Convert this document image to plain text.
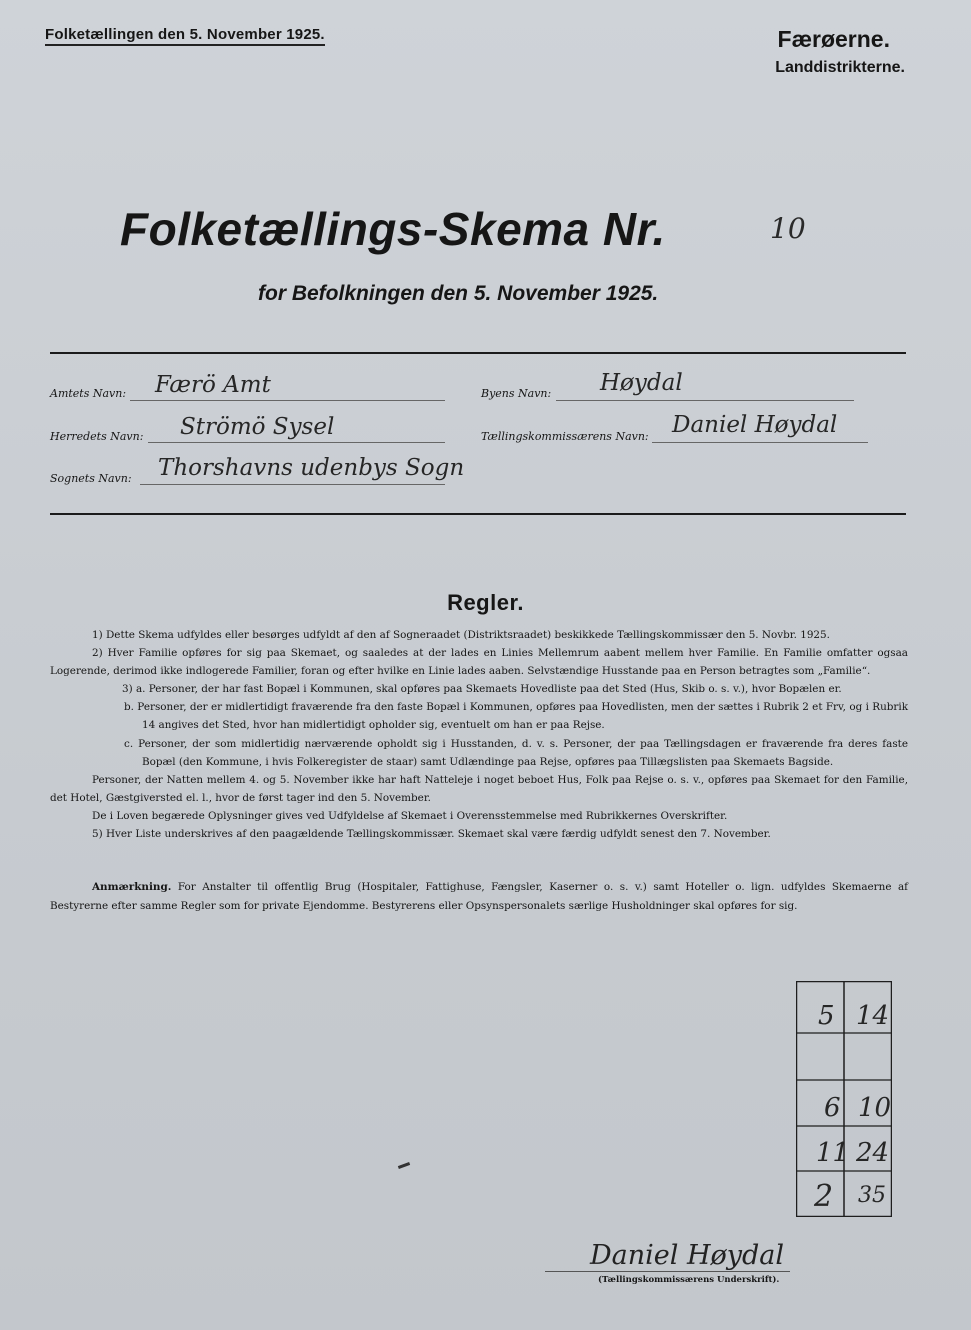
Folketællingen den 5. November 1925.	Færøerne.
Landdistrikterne.
Folketællings-Skema Nr.	10
for Befolkningen den 5. November 1925.
Amtets Navn: Færö Amt
Herredets Navn: Strömö Sysel
Sognets Navn: Thorshavns udenbys Sogn
Byens Navn: Høydal
Tællingskommissærens Navn: Daniel Høydal
Regler.

1) Dette Skema udfyldes eller besørges udfyldt af den af Sogneraadet (Distriktsraadet) beskikkede Tællingskommissær den 5. Novbr. 1925.

2) Hver Familie opføres for sig paa Skemaet, og saaledes at der lades en Linies Mellemrum aabent mellem hver Familie. En Familie omfatter ogsaa Logerende, derimod ikke indlogerede Familier, foran og efter hvilke en Linie lades aaben. Selvstændige Husstande paa en Person betragtes som „Familie“.

3) a. Personer, der har fast Bopæl i Kommunen, skal opføres paa Skemaets Hovedliste paa det Sted (Hus, Skib o. s. v.), hvor Bopælen er.

b. Personer, der er midlertidigt fraværende fra den faste Bopæl i Kommunen, opføres paa Hovedlisten, men der sættes i Rubrik 2 et Frv, og i Rubrik 14 angives det Sted, hvor han midlertidigt opholder sig, eventuelt om han er paa Rejse.

c. Personer, der som midlertidig nærværende opholdt sig i Husstanden, d. v. s. Personer, der paa Tællingsdagen er fraværende fra deres faste Bopæl (den Kommune, i hvis Folkeregister de staar) samt Udlændinge paa Rejse, opføres paa Tillægslisten paa Skemaets Bagside.

Personer, der Natten mellem 4. og 5. November ikke har haft Natteleje i noget beboet Hus, Folk paa Rejse o. s. v., opføres paa Skemaet for den Familie, det Hotel, Gæstgiversted el. l., hvor de først tager ind den 5. November.

De i Loven begærede Oplysninger gives ved Udfyldelse af Skemaet i Overensstemmelse med Rubrikkernes Overskrifter.

5) Hver Liste underskrives af den paagældende Tællingskommissær. Skemaet skal være færdig udfyldt senest den 7. November.

Anmærkning. For Anstalter til offentlig Brug (Hospitaler, Fattighuse, Fængsler, Kaserner o. s. v.) samt Hoteller o. lign. udfyldes Skemaerne af Bestyrerne efter samme Regler som for private Ejendomme. Bestyrerens eller Opsynspersonalets særlige Husholdninger skal opføres for sig.

5 14
6 10
11 24
2 35
Daniel Høydal
(Tællingskommissærens Underskrift).
